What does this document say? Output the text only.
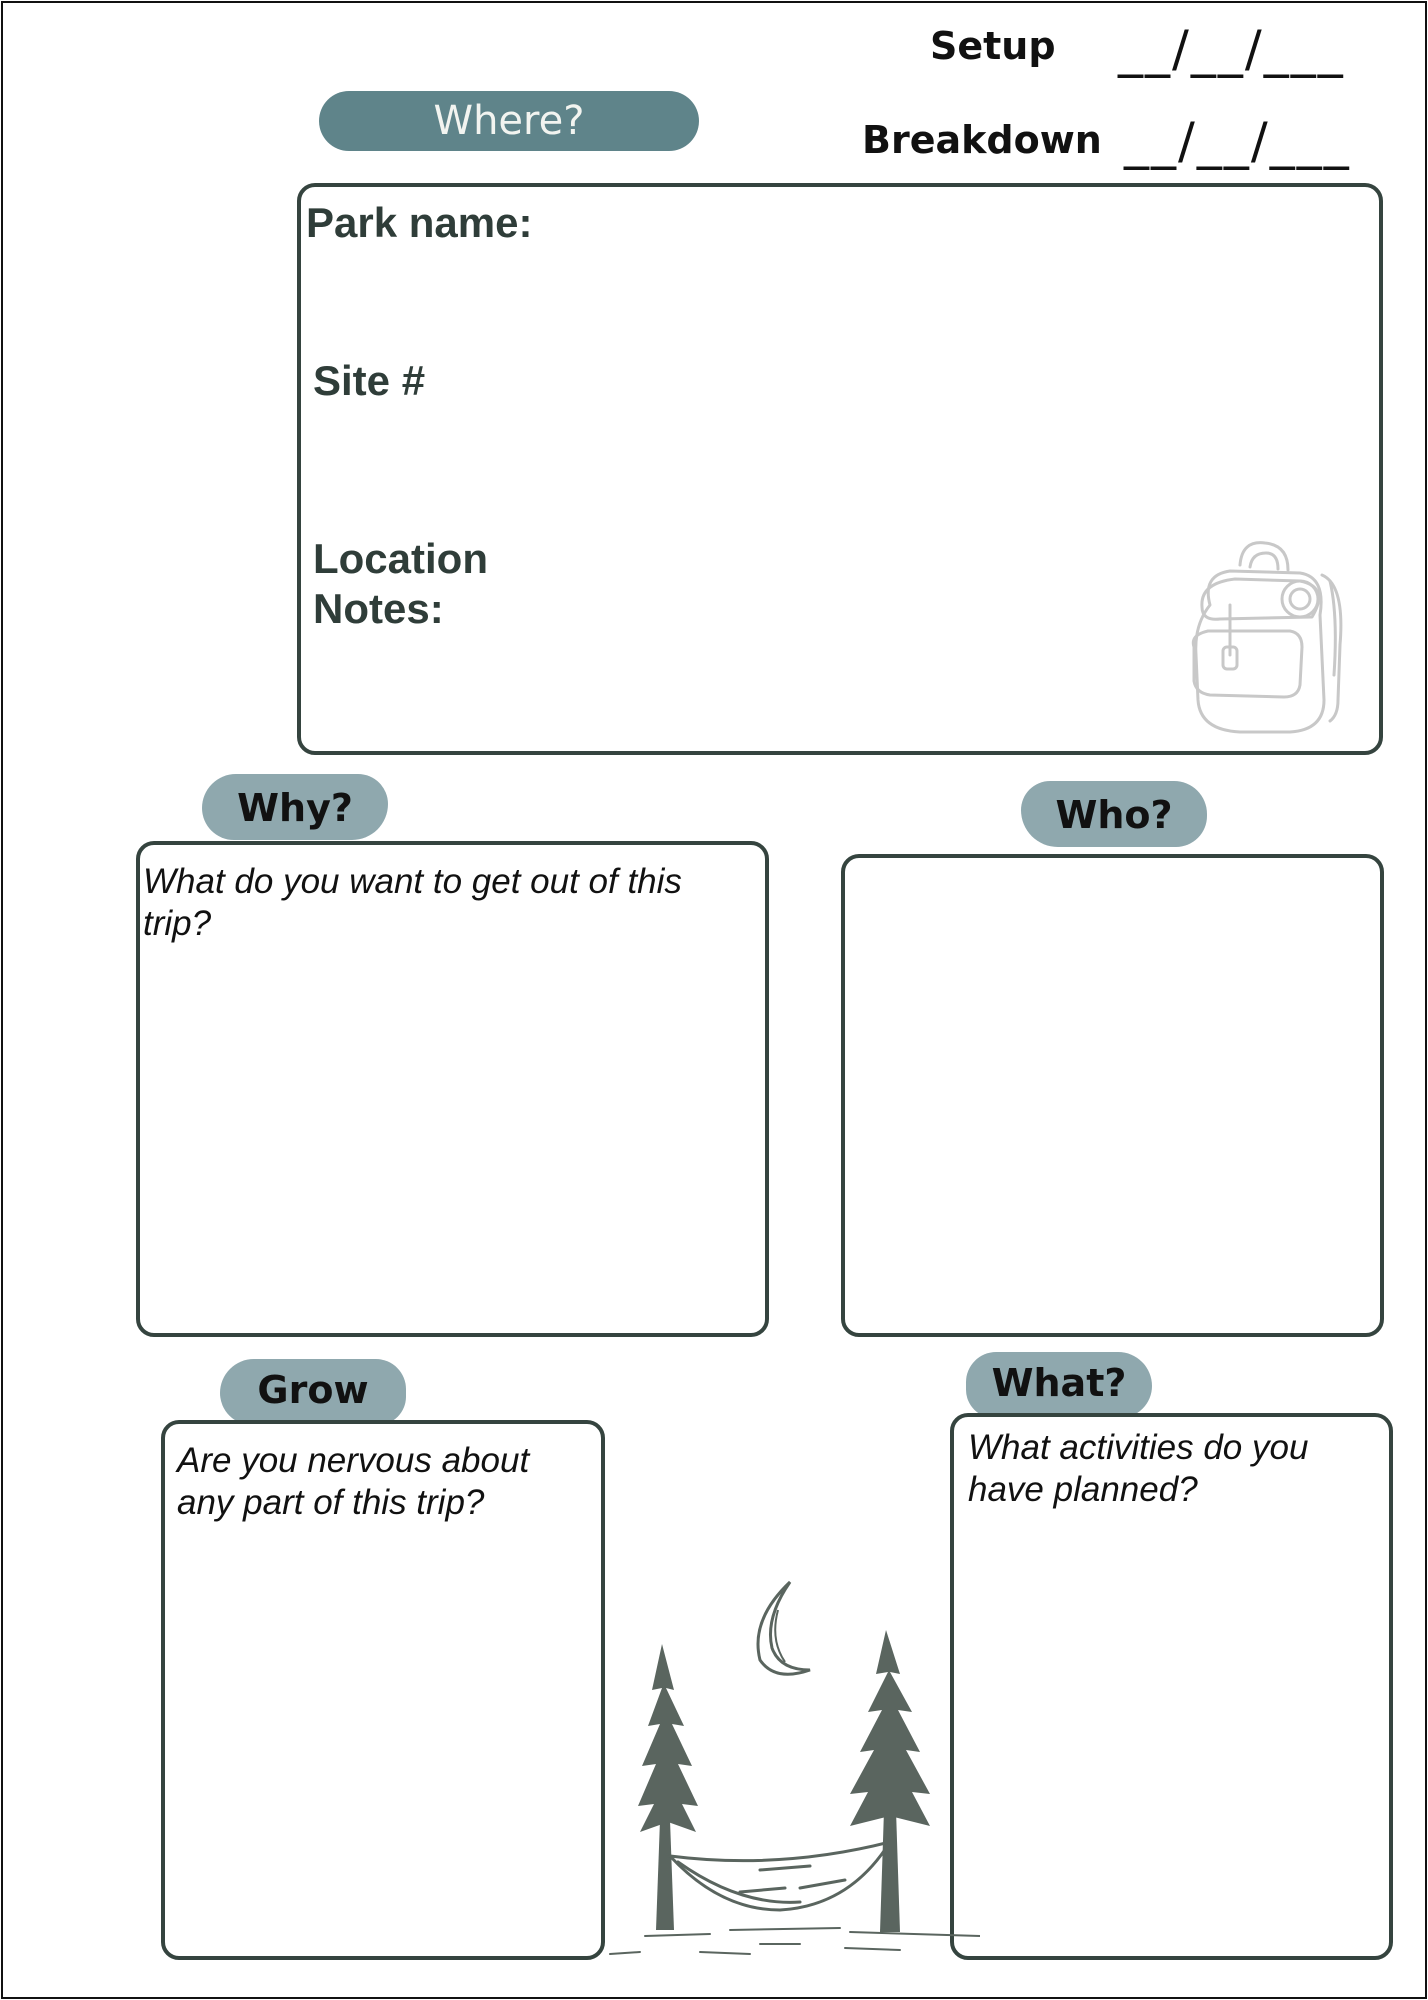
Setup __/__/___
Breakdown __/__/___
Where?
Park name:
Site #
Location
Notes:
Why?
What do you want to get out of this trip?
Who?
Grow
Are you nervous about any part of this trip?
What?
What activities do you have planned?
